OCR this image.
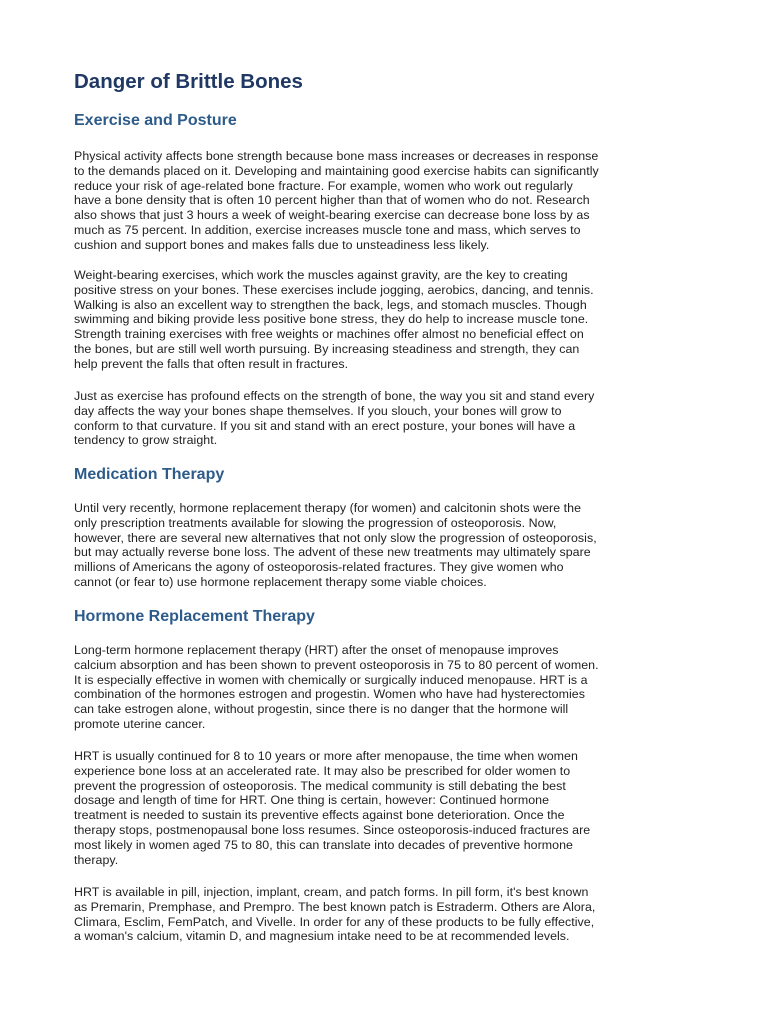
Danger of Brittle Bones
Exercise and Posture
Physical activity affects bone strength because bone mass increases or decreases in response
to the demands placed on it. Developing and maintaining good exercise habits can significantly
reduce your risk of age-related bone fracture. For example, women who work out regularly
have a bone density that is often 10 percent higher than that of women who do not. Research
also shows that just 3 hours a week of weight-bearing exercise can decrease bone loss by as
much as 75 percent. In addition, exercise increases muscle tone and mass, which serves to
cushion and support bones and makes falls due to unsteadiness less likely.
Weight-bearing exercises, which work the muscles against gravity, are the key to creating
positive stress on your bones. These exercises include jogging, aerobics, dancing, and tennis.
Walking is also an excellent way to strengthen the back, legs, and stomach muscles. Though
swimming and biking provide less positive bone stress, they do help to increase muscle tone.
Strength training exercises with free weights or machines offer almost no beneficial effect on
the bones, but are still well worth pursuing. By increasing steadiness and strength, they can
help prevent the falls that often result in fractures.
Just as exercise has profound effects on the strength of bone, the way you sit and stand every
day affects the way your bones shape themselves. If you slouch, your bones will grow to
conform to that curvature. If you sit and stand with an erect posture, your bones will have a
tendency to grow straight.
Medication Therapy
Until very recently, hormone replacement therapy (for women) and calcitonin shots were the
only prescription treatments available for slowing the progression of osteoporosis. Now,
however, there are several new alternatives that not only slow the progression of osteoporosis,
but may actually reverse bone loss. The advent of these new treatments may ultimately spare
millions of Americans the agony of osteoporosis-related fractures. They give women who
cannot (or fear to) use hormone replacement therapy some viable choices.
Hormone Replacement Therapy
Long-term hormone replacement therapy (HRT) after the onset of menopause improves
calcium absorption and has been shown to prevent osteoporosis in 75 to 80 percent of women.
It is especially effective in women with chemically or surgically induced menopause. HRT is a
combination of the hormones estrogen and progestin. Women who have had hysterectomies
can take estrogen alone, without progestin, since there is no danger that the hormone will
promote uterine cancer.
HRT is usually continued for 8 to 10 years or more after menopause, the time when women
experience bone loss at an accelerated rate. It may also be prescribed for older women to
prevent the progression of osteoporosis. The medical community is still debating the best
dosage and length of time for HRT. One thing is certain, however: Continued hormone
treatment is needed to sustain its preventive effects against bone deterioration. Once the
therapy stops, postmenopausal bone loss resumes. Since osteoporosis-induced fractures are
most likely in women aged 75 to 80, this can translate into decades of preventive hormone
therapy.
HRT is available in pill, injection, implant, cream, and patch forms. In pill form, it's best known
as Premarin, Premphase, and Prempro. The best known patch is Estraderm. Others are Alora,
Climara, Esclim, FemPatch, and Vivelle. In order for any of these products to be fully effective,
a woman's calcium, vitamin D, and magnesium intake need to be at recommended levels.
